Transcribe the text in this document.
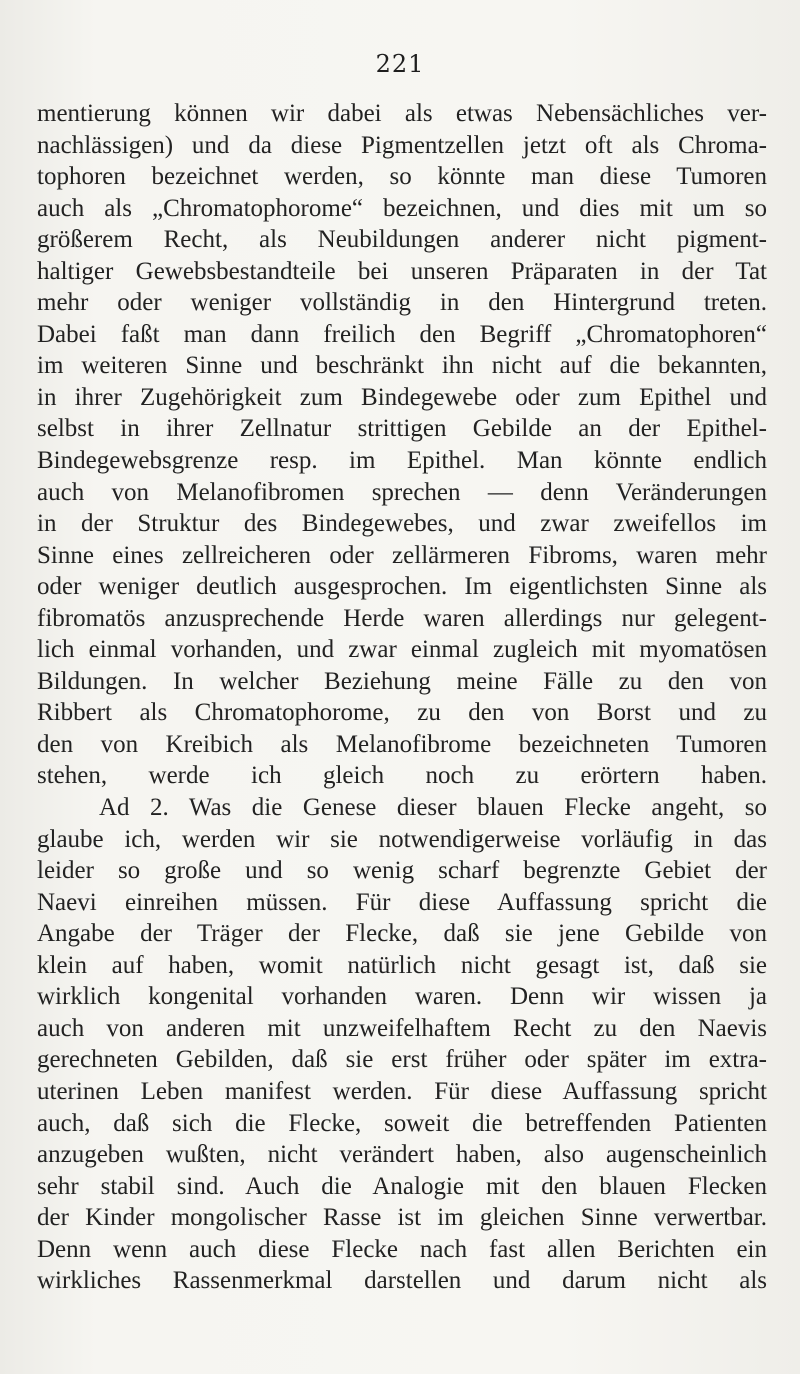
221
mentierung können wir dabei als etwas Nebensächliches ver-
nachlässigen) und da diese Pigmentzellen jetzt oft als Chroma-
tophoren bezeichnet werden, so könnte man diese Tumoren
auch als „Chromatophorome“ bezeichnen, und dies mit um so
größerem Recht, als Neubildungen anderer nicht pigment-
haltiger Gewebsbestandteile bei unseren Präparaten in der Tat
mehr oder weniger vollständig in den Hintergrund treten.
Dabei faßt man dann freilich den Begriff „Chromatophoren“
im weiteren Sinne und beschränkt ihn nicht auf die bekannten,
in ihrer Zugehörigkeit zum Bindegewebe oder zum Epithel und
selbst in ihrer Zellnatur strittigen Gebilde an der Epithel-
Bindegewebsgrenze resp. im Epithel. Man könnte endlich
auch von Melanofibromen sprechen — denn Veränderungen
in der Struktur des Bindegewebes, und zwar zweifellos im
Sinne eines zellreicheren oder zellärmeren Fibroms, waren mehr
oder weniger deutlich ausgesprochen. Im eigentlichsten Sinne als
fibromatös anzusprechende Herde waren allerdings nur gelegent-
lich einmal vorhanden, und zwar einmal zugleich mit myomatösen
Bildungen. In welcher Beziehung meine Fälle zu den von
Ribbert als Chromatophorome, zu den von Borst und zu
den von Kreibich als Melanofibrome bezeichneten Tumoren
stehen, werde ich gleich noch zu erörtern haben.
Ad 2. Was die Genese dieser blauen Flecke angeht, so
glaube ich, werden wir sie notwendigerweise vorläufig in das
leider so große und so wenig scharf begrenzte Gebiet der
Naevi einreihen müssen. Für diese Auffassung spricht die
Angabe der Träger der Flecke, daß sie jene Gebilde von
klein auf haben, womit natürlich nicht gesagt ist, daß sie
wirklich kongenital vorhanden waren. Denn wir wissen ja
auch von anderen mit unzweifelhaftem Recht zu den Naevis
gerechneten Gebilden, daß sie erst früher oder später im extra-
uterinen Leben manifest werden. Für diese Auffassung spricht
auch, daß sich die Flecke, soweit die betreffenden Patienten
anzugeben wußten, nicht verändert haben, also augenscheinlich
sehr stabil sind. Auch die Analogie mit den blauen Flecken
der Kinder mongolischer Rasse ist im gleichen Sinne verwertbar.
Denn wenn auch diese Flecke nach fast allen Berichten ein
wirkliches Rassenmerkmal darstellen und darum nicht als
